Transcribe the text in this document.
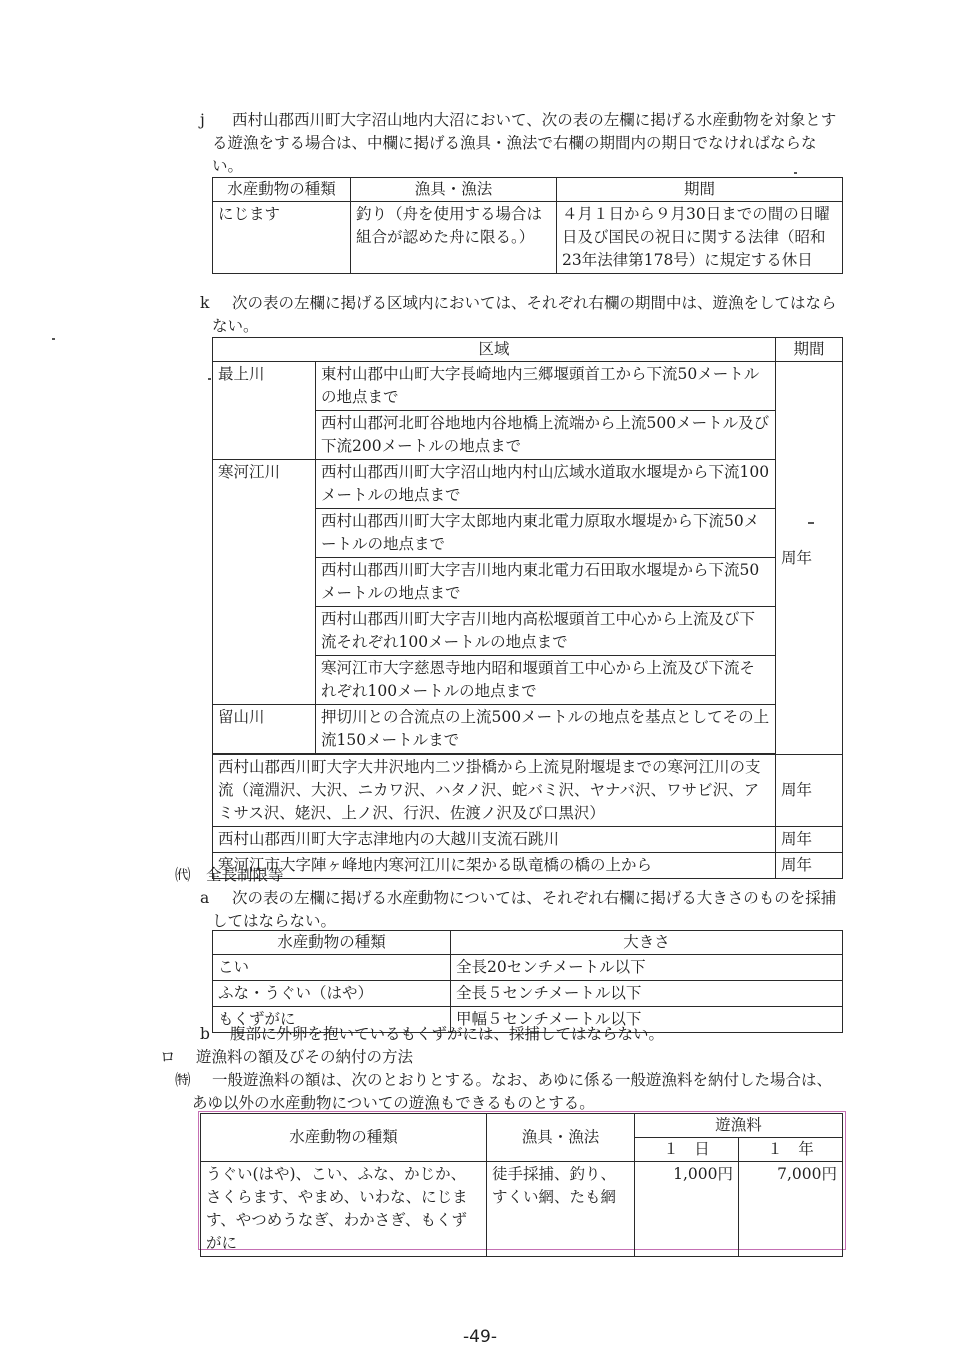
j	西村山郡西川町大字沼山地内大沼において、次の表の左欄に掲げる水産動物を対象とする遊漁をする場合は、中欄に掲げる漁具・漁法で右欄の期間内の期日でなければならない。
水産動物の種類	漁具・漁法	期間
にじます	釣り（舟を使用する場合は組合が認めた舟に限る。）	４月１日から９月30日までの間の日曜日及び国民の祝日に関する法律（昭和23年法律第178号）に規定する休日
k	次の表の左欄に掲げる区域内においては、それぞれ右欄の期間中は、遊漁をしてはならない。
区域		期間
最上川	東村山郡中山町大字長崎地内三郷堰頭首工から下流50メートルの地点まで	周年
	西村山郡河北町谷地地内谷地橋上流端から上流500メートル及び下流200メートルの地点まで	
寒河江川	西村山郡西川町大字沼山地内村山広域水道取水堰堤から下流100メートルの地点まで	
	西村山郡西川町大字太郎地内東北電力原取水堰堤から下流50メートルの地点まで	
	西村山郡西川町大字吉川地内東北電力石田取水堰堤から下流50メートルの地点まで	
	西村山郡西川町大字吉川地内高松堰頭首工中心から上流及び下流それぞれ100メートルの地点まで	
	寒河江市大字慈恩寺地内昭和堰頭首工中心から上流及び下流それぞれ100メートルの地点まで	
留山川	押切川との合流点の上流500メートルの地点を基点としてその上流150メートルまで	

西村山郡西川町大字大井沢地内二ツ掛橋から上流見附堰堤までの寒河江川の支流（滝淵沢、大沢、ニカワ沢、ハタノ沢、蛇バミ沢、ヤナバ沢、ワサビ沢、アミサス沢、姥沢、上ノ沢、行沢、佐渡ノ沢及び口黒沢）		周年
西村山郡西川町大字志津地内の大越川支流石跳川		周年
寒河江市大字陣ヶ峰地内寒河江川に架かる臥竜橋の橋の上から		周年
㈹　全長制限等
a	次の表の左欄に掲げる水産動物については、それぞれ右欄に掲げる大きさのものを採捕してはならない。
水産動物の種類	大きさ
こい	全長20センチメートル以下
ふな・うぐい（はや）	全長５センチメートル以下
もくずがに	甲幅５センチメートル以下
b 腹部に外卵を抱いているもくずがには、採捕してはならない。
ロ 遊漁料の額及びその納付の方法
㈵	一般遊漁料の額は、次のとおりとする。なお、あゆに係る一般遊漁料を納付した場合は、あゆ以外の水産動物についての遊漁もできるものとする。
水産動物の種類	漁具・漁法	遊漁料	
		１　日	１　年
うぐい(はや)、こい、ふな、かじか、さくらます、やまめ、いわな、にじます、やつめうなぎ、わかさぎ、もくずがに	徒手採捕、釣り、すくい網、たも網	1,000円	7,000円
-49-
